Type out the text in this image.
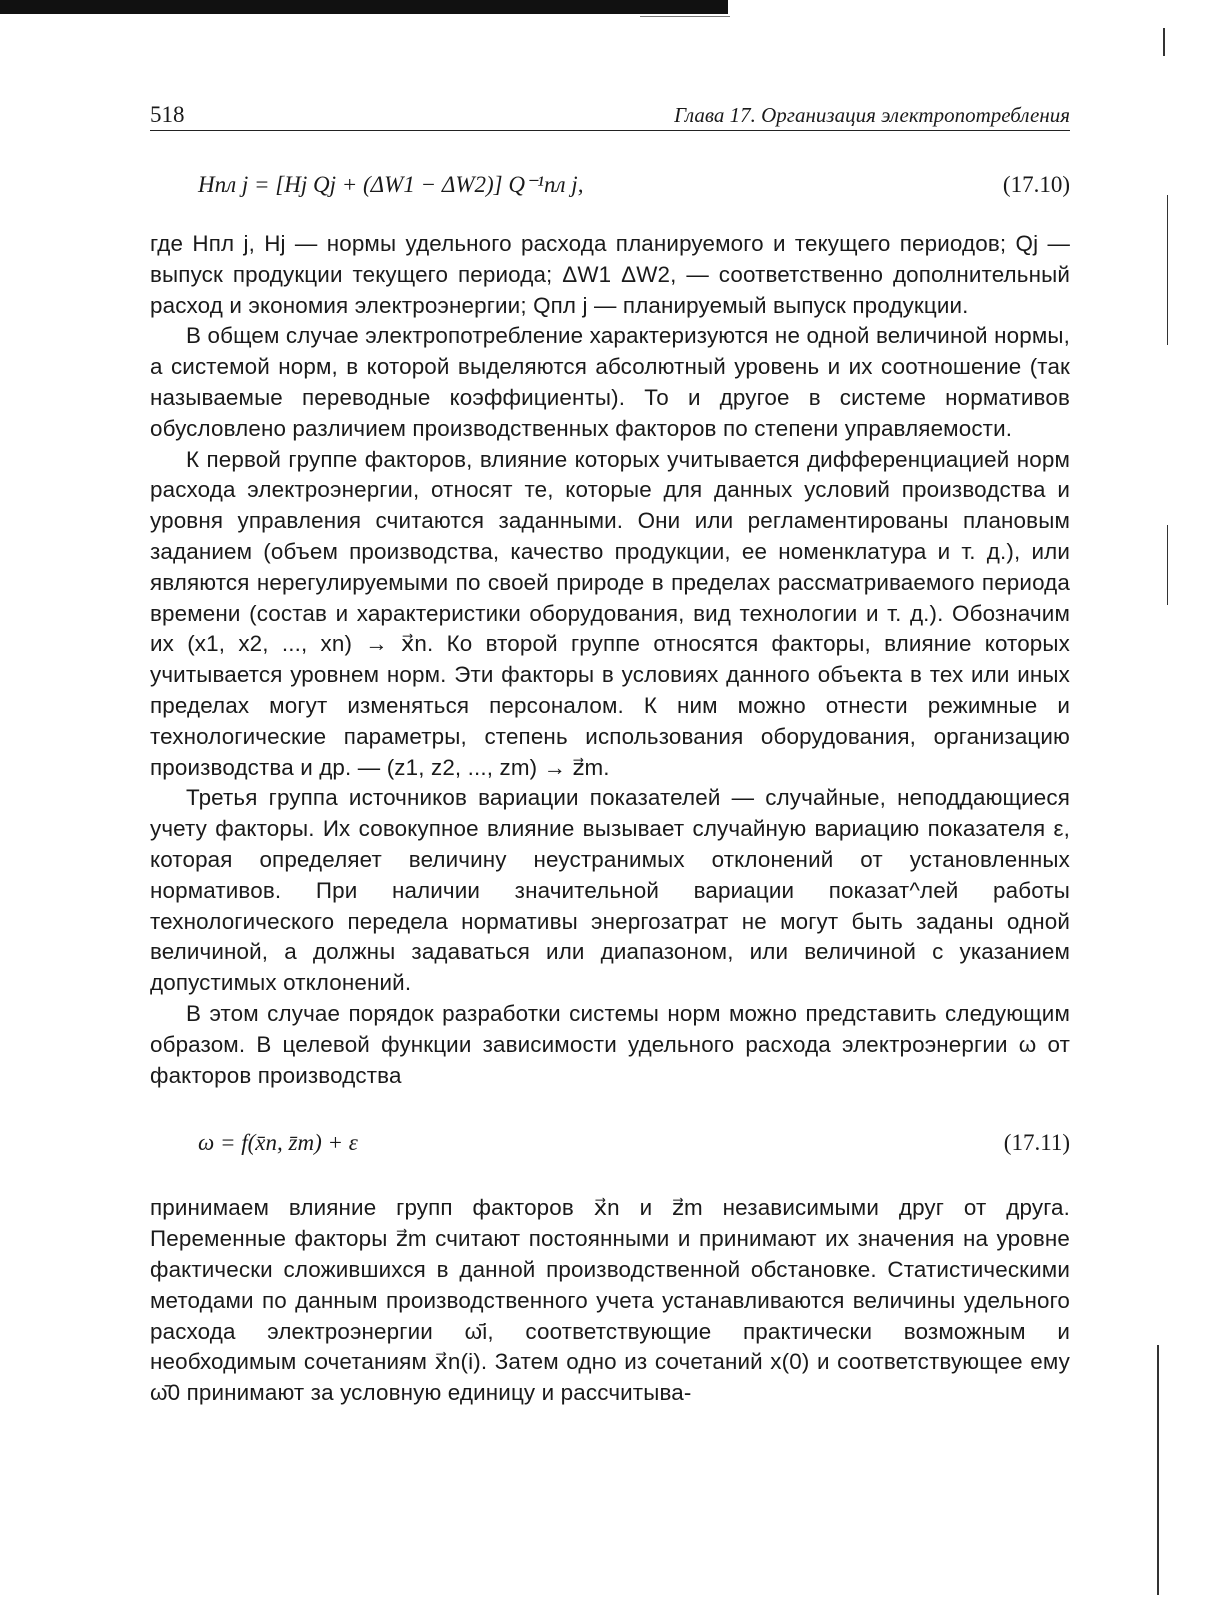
518	Глава 17. Организация электропотребления
Hпл j = [Hj Qj + (ΔW1 − ΔW2)] Q⁻¹пл j,	(17.10)

где Hпл j, Hj — нормы удельного расхода планируемого и текущего периодов; Qj — выпуск продукции текущего периода; ΔW1 ΔW2, — соответственно дополнительный расход и экономия электроэнергии; Qпл j — планируемый выпуск продукции.

В общем случае электропотребление характеризуются не одной величиной нормы, а системой норм, в которой выделяются абсолютный уровень и их соотношение (так называемые переводные коэффициенты). То и другое в системе нормативов обусловлено различием производственных факторов по степени управляемости.

К первой группе факторов, влияние которых учитывается дифференциацией норм расхода электроэнергии, относят те, которые для данных условий производства и уровня управления считаются заданными. Они или регламентированы плановым заданием (объем производства, качество продукции, ее номенклатура и т. д.), или являются нерегулируемыми по своей природе в пределах рассматриваемого периода времени (состав и характеристики оборудования, вид технологии и т. д.). Обозначим их (x1, x2, ..., xn) → x⃗n. Ко второй группе относятся факторы, влияние которых учитывается уровнем норм. Эти факторы в условиях данного объекта в тех или иных пределах могут изменяться персоналом. К ним можно отнести режимные и технологические параметры, степень использования оборудования, организацию производства и др. — (z1, z2, ..., zm) → z⃗m.

Третья группа источников вариации показателей — случайные, неподдающиеся учету факторы. Их совокупное влияние вызывает случайную вариацию показателя ε, которая определяет величину неустранимых отклонений от установленных нормативов. При наличии значительной вариации показат^лей работы технологического передела нормативы энергозатрат не могут быть заданы одной величиной, а должны задаваться или диапазоном, или величиной с указанием допустимых отклонений.

В этом случае порядок разработки системы норм можно представить следующим образом. В целевой функции зависимости удельного расхода электроэнергии ω от факторов производства

ω = f(x̄n, z̄m) + ε	(17.11)

принимаем влияние групп факторов x⃗n и z⃗m независимыми друг от друга. Переменные факторы z⃗m считают постоянными и принимают их значения на уровне фактически сложившихся в данной производственной обстановке. Статистическими методами по данным производственного учета устанавливаются величины удельного расхода электроэнергии ω̄i, соответствующие практически возможным и необходимым сочетаниям x⃗n(i). Затем одно из сочетаний x(0) и соответствующее ему ω̄0 принимают за условную единицу и рассчитыва-
